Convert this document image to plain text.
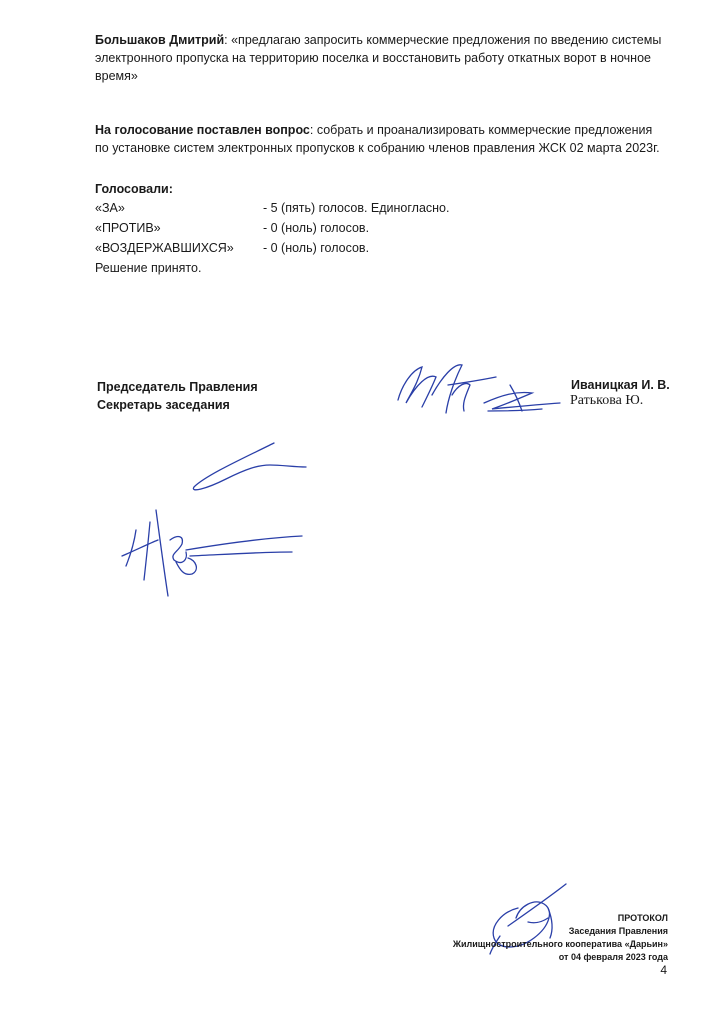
Большаков Дмитрий: «предлагаю запросить коммерческие предложения по введению системы электронного пропуска на территорию поселка и восстановить работу откатных ворот в ночное время»
На голосование поставлен вопрос: собрать и проанализировать коммерческие предложения по установке систем электронных пропусков к собранию членов правления ЖСК 02 марта 2023г.
Голосовали:
«ЗА»	- 5 (пять) голосов. Единогласно.
«ПРОТИВ»	- 0 (ноль) голосов.
«ВОЗДЕРЖАВШИХСЯ» - 0 (ноль) голосов.
Решение принято.
Председатель Правления
Секретарь заседания
Иваницкая И. В.
Ратькова Ю.
ПРОТОКОЛ
Заседания Правления
Жилищностроительного кооператива «Дарьин»
от 04 февраля 2023 года
4
